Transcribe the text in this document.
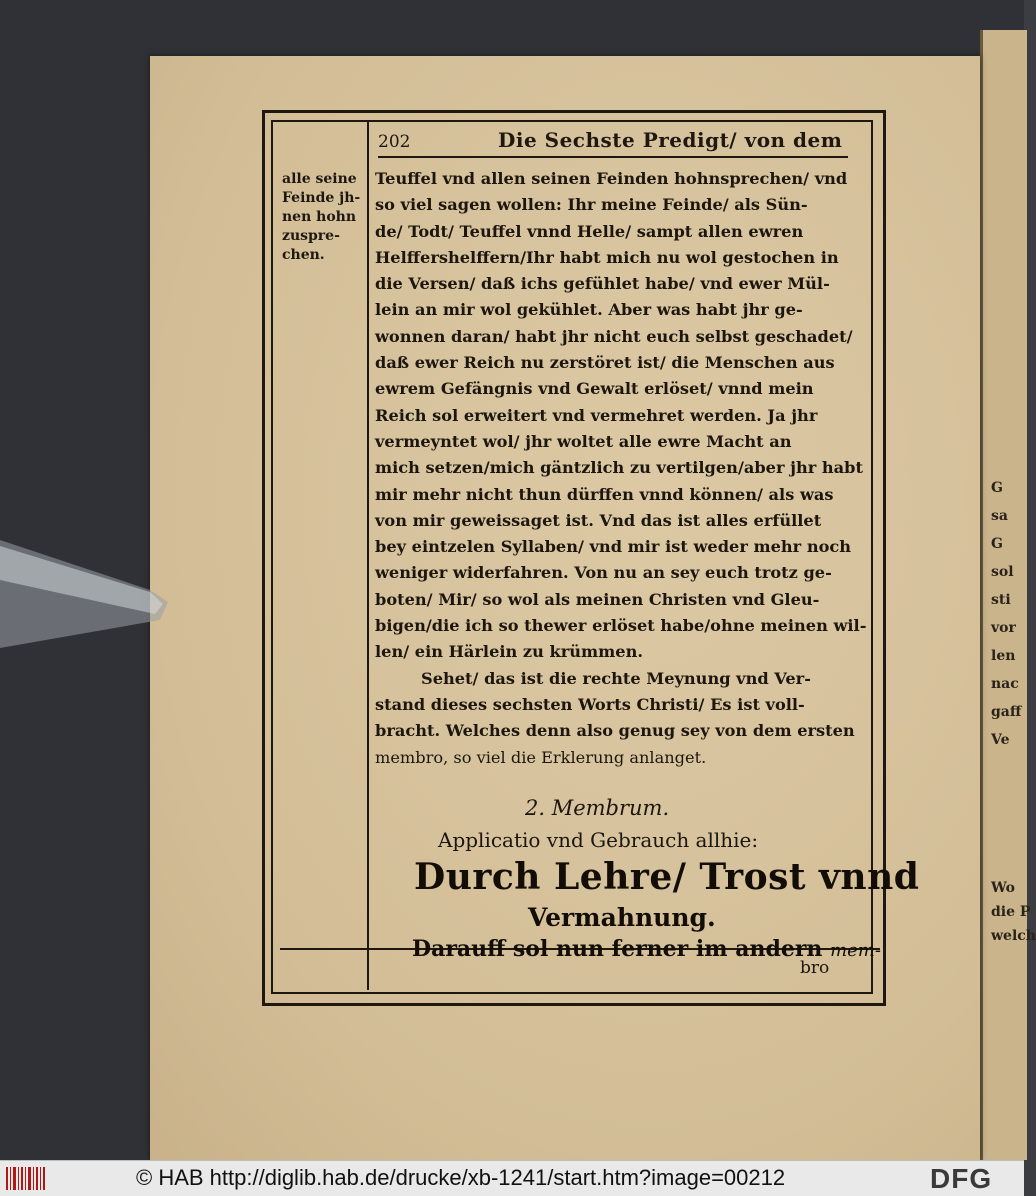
G
sa
G
sol
sti
vor
len
nac
gaff
Ve
Wo
die P
welch
202	Die Sechste Predigt/ von dem
alle seine
Feinde jh-
nen hohn
zuspre-
chen.
Teuffel vnd allen seinen Feinden hohnsprechen/ vnd
so viel sagen wollen: Ihr meine Feinde/ als Sün-
de/ Todt/ Teuffel vnnd Helle/ sampt allen ewren
Helffershelffern/Ihr habt mich nu wol gestochen in
die Versen/ daß ichs gefühlet habe/ vnd ewer Mül-
lein an mir wol gekühlet. Aber was habt jhr ge-
wonnen daran/ habt jhr nicht euch selbst geschadet/
daß ewer Reich nu zerstöret ist/ die Menschen aus
ewrem Gefängnis vnd Gewalt erlöset/ vnnd mein
Reich sol erweitert vnd vermehret werden. Ja jhr
vermeyntet wol/ jhr woltet alle ewre Macht an
mich setzen/mich gäntzlich zu vertilgen/aber jhr habt
mir mehr nicht thun dürffen vnnd können/ als was
von mir geweissaget ist. Vnd das ist alles erfüllet
bey eintzelen Syllaben/ vnd mir ist weder mehr noch
weniger widerfahren. Von nu an sey euch trotz ge-
boten/ Mir/ so wol als meinen Christen vnd Gleu-
bigen/die ich so thewer erlöset habe/ohne meinen wil-
len/ ein Härlein zu krümmen.
Sehet/ das ist die rechte Meynung vnd Ver-
stand dieses sechsten Worts Christi/ Es ist voll-
bracht. Welches denn also genug sey von dem ersten
membro, so viel die Erklerung anlanget.
2. Membrum.
Applicatio vnd Gebrauch allhie:
Durch Lehre/ Trost vnnd
Vermahnung.
Darauff sol nun ferner im andern mem-
bro
© HAB http://diglib.hab.de/drucke/xb-1241/start.htm?image=00212	DFG
